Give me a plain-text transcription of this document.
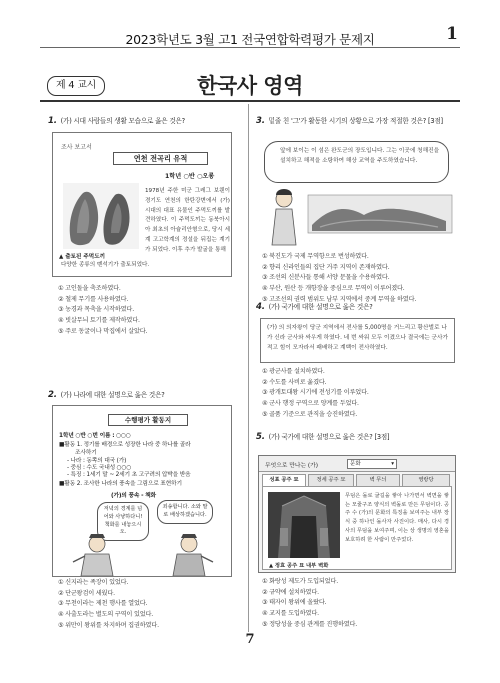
2023학년도 3월 고1 전국연합학력평가 문제지	1
제 4 교시	한국사 영역
1. (가) 시대 사람들의 생활 모습으로 옳은 것은?
조사 보고서
연천 전곡리 유적
1학년 ○반 ○오롱
▲ 출토된 주먹도끼
1978년 주한 미군 그레그 보웬이 경기도 연천의 한탄강변에서 (가) 시대의 대표 유물인 주먹도끼를 발견하였다. 이 주먹도끼는 동북아시아 최초의 아슐리안형으로, 당시 세계 고고학계의 정설을 뒤집는 계기가 되었다. 이후 추가 발굴을 통해
다양한 종류의 뗀석기가 출토되었다.
① 고인돌을 축조하였다.
② 철제 무기를 사용하였다.
③ 농경과 목축을 시작하였다.
④ 빗살무늬 토기를 제작하였다.
⑤ 주로 동굴이나 막집에서 살았다.
2. (가) 나라에 대한 설명으로 옳은 것은?
수행평가 활동지
1학년 ○반 ○번 이름 : ○○○
■활동 1. 정기를 배경으로 성장한 나라 중 하나를 골라
조사하기
- 나라 : 동쪽의 대국 (가)
- 중심 : 수도 국내성 ○○○
- 특징 : 1세기 말 ~ 2세기 초 고구려의 압박을 받음
■활동 2. 조사한 나라의 풍속을 그림으로 표현하기
(가)의 풍속 - 책화
저녁의 경계를 넘어와 사냥하다니! 책화를 내놓으시오.
죄송합니다. 소와 말로 배상하겠습니다.
① 신지라는 족장이 있었다.
② 단군왕검이 세웠다.
③ 무천이라는 제천 행사를 열었다.
④ 사출도라는 별도의 구역이 있었다.
⑤ 위만이 왕위를 차지하며 집권하였다.
3. 밑줄 친 '그'가 활동한 시기의 상황으로 가장 적절한 것은? [3점]
앞에 보이는 이 섬은 완도군의 장도입니다. 그는 이곳에 청해진을 설치하고 해적을 소탕하여 해상 교역을 주도하였습니다.
① 북진도가 국제 무역항으로 번성하였다.
② 향리 신라인들의 집단 거주 지역이 존재하였다.
③ 조선의 신분사들 통해 서양 문물을 수용하였다.
④ 부산, 원산 등 개항장을 중심으로 무역이 이루어졌다.
⑤ 고조선의 권력 범위도 남부 지역에서 중계 무역을 하였다.
4. (가) 국가에 대한 설명으로 옳은 것은?
(가) 의 의자왕이 당군 지역에서 전사를 5,000명을 거느리고 황산벌로 나가 신라 군사와 싸우게 하였다. 네 번 싸워 모두 이겼으나 결국에는 군사가 적고 힘이 모자라서 패배하고 계백이 전사하였다.
① 광군사를 설치하였다.
② 수도를 사비로 옮겼다.
③ 광개토대왕 시기에 전성기를 이루었다.
④ 군사 행정 구역으로 양계를 두었다.
⑤ 골품 기준으로 관직을 승진하였다.
5. (가) 국가에 대한 설명으로 옳은 것은? [3점]
무엇으로 만나는 (가)	문화	▾
성표 공주 묘	정세 공주 묘	벽 무늬	영랑당
▲ 정효 공주 묘 내부 벽화
무덤은 돌로 굴길을 쌓아 나가면서 벽면을 쌓는 모줄구조 양식의 벽돌로 만든 무덤이다. 공주 수 (가)의 문화의 특징을 보여주는 내부 장식 중 하나인 돌사자 사진이다. 매사, 다시 경 사의 무덤을 보여주며, 이는 상 생명의 영혼을 보호하려 한 사람이 만주었다.
① 화랑성 제도가 도입되었다.
② 규약에 설치하였다.
③ 태자이 왕위에 올랐다.
④ 교지를 도입하였다.
⑤ 정당성을 중심 관계를 진행하였다.
7
